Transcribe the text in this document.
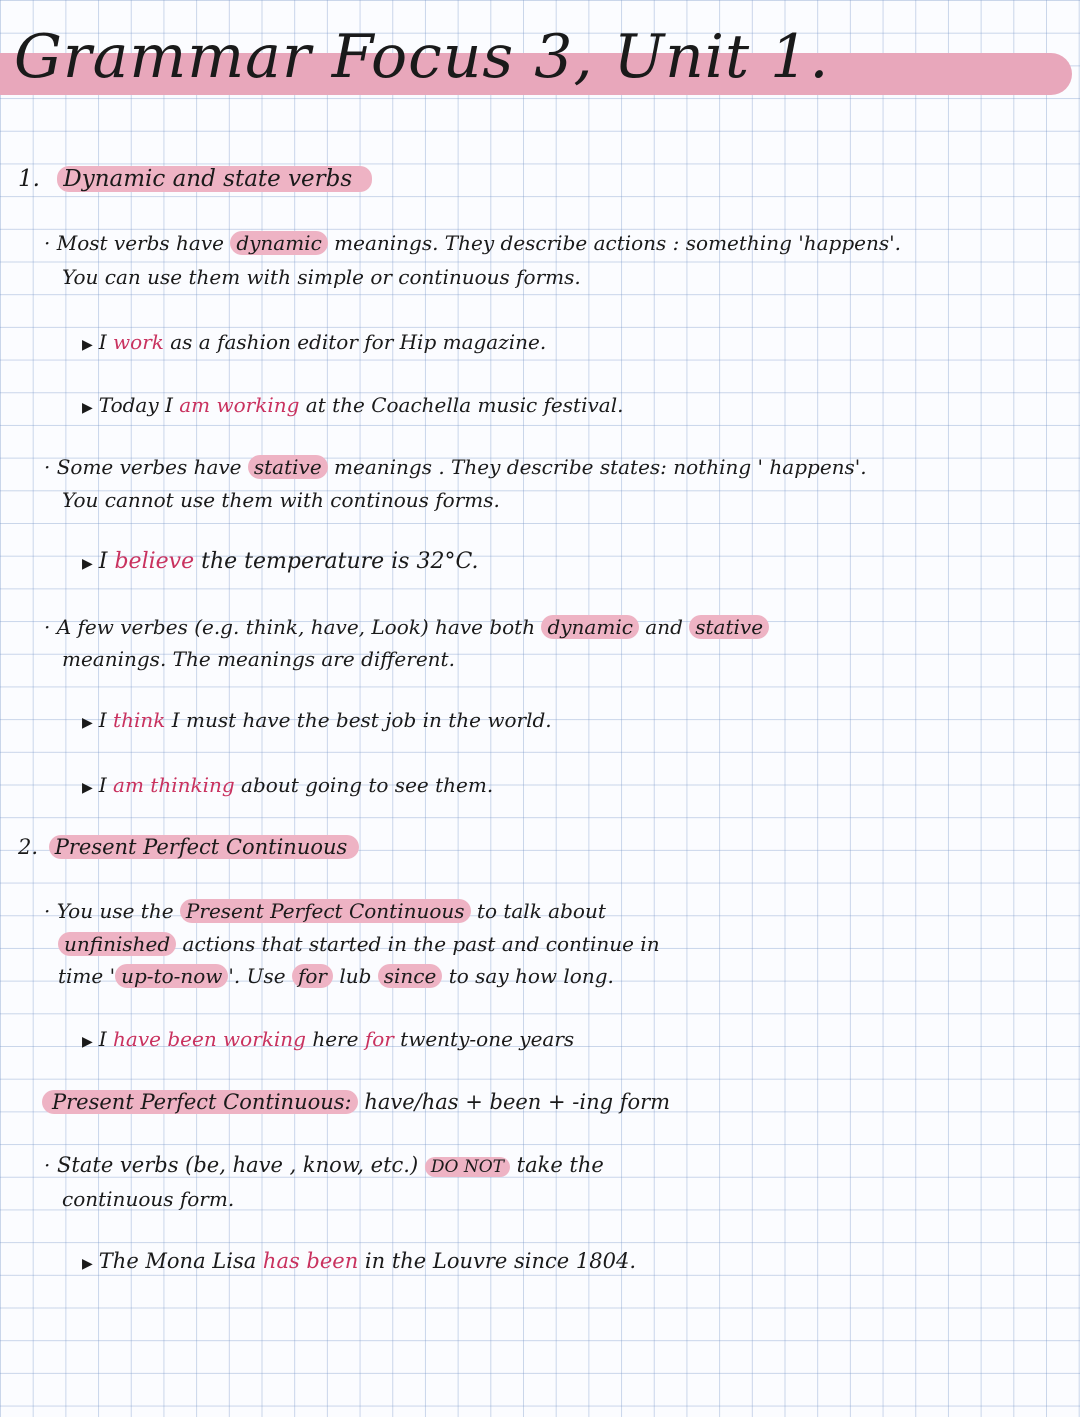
Grammar Focus 3, Unit 1.
1. Dynamic and state verbs
· Most verbs have dynamic meanings. They describe actions : something 'happens'.
You can use them with simple or continuous forms.
▶ I work as a fashion editor for Hip magazine.
▶ Today I am working at the Coachella music festival.
· Some verbes have stative meanings . They describe states: nothing ' happens'.
You cannot use them with continous forms.
▶ I believe the temperature is 32°C.
· A few verbes (e.g. think, have, Look) have both dynamic and stative
meanings. The meanings are different.
▶ I think I must have the best job in the world.
▶ I am thinking about going to see them.
2. Present Perfect Continuous
· You use the Present Perfect Continuous to talk about
unfinished actions that started in the past and continue in
time ' up-to-now '. Use for lub since to say how long.
▶ I have been working here for twenty-one years
Present Perfect Continuous: have/has + been + -ing form
· State verbs (be, have , know, etc.) DO NOT take the
continuous form.
▶ The Mona Lisa has been in the Louvre since 1804.
